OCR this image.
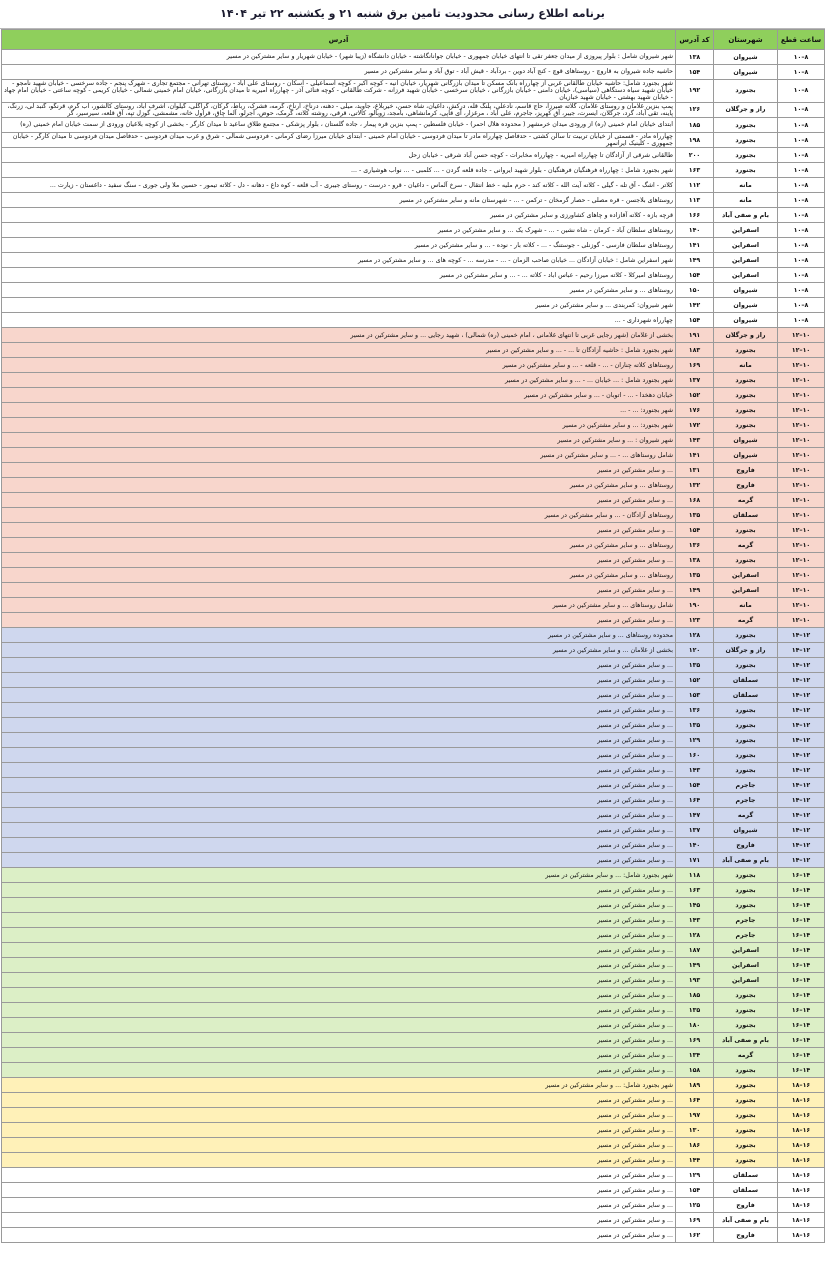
برنامه اطلاع رسانی محدودیت تامین برق شنبه ۲۱ و یکشنبه ۲۲ تیر ۱۴۰۴
ساعت قطع	شهرستان	کد آدرس	آدرس
۸–۱۰	شیروان	۱۳۸	شهر شیروان شامل : بلوار پیروزی از میدان جعفر تقی تا انتهای خیابان جمهوری - خیابان جوانانگاشته - خیابان دانشگاه (زیبا شهر) - خیابان شهریار و سایر مشترکین در مسیر
۸–۱۰	شیروان	۱۵۴	حاشیه جاده شیروان به قاروچ - روستاهای قوچ - کنج آباد دوین - بردآباد - قیش آباد - توق آباد و سایر مشترکین در مسیر
۸–۱۰	بجنورد	۱۹۲	شهر بجنورد شامل: حاشیه خیابان طالقانی غربی از چهارراه بانک مسکن تا میدان بازرگانی شهریار، خیابان آنیه - کوچه اکبر - کوچه اسماعیلی - اسکان - روستای علی آباد - روستای تهرانی - مجتمع تجاری - شهرک پنجم - جاده سرخسی - خیابان شهید نامجو - خیابان شهید سیاه دستگاهی (سیاسی)، خیابان دامنی - خیابان بازرگانی ، خیابان سرخسی - خیابان شهید فرزانه - شرکت طالقانی - کوچه فنائی آذر - چهارراه امیریه تا میدان بازرگانی، خیابان امام خمینی شمالی - خیابان کریمی - کوچه ساعتی - خیابان امام جهاد - خیابان شهید بهشتی - خیابان شهید خبازیان
۸–۱۰	راز و جرگلان	۱۲۶	پمپ بنزین غلامان و روستای غلامان، گلاته صیرزا، حاج قاسم، نادعلی، پلنگ قله، درکش، داغیان، شاه حسن، خیربلاغ، جاوید، میلی - دهنه، درناخ، ارناخ، گرمه، فشرک، رباط، گرکان، گراگلی، گیلوان، اشرف آباد، روستای کالشور، آب گرم، قرنگو، گنبد لی، زرنگ، پاینه، تقی آباد، گرد، جرگلان، ایسرت، جیبر، آق کهریز، جاجرم، علی آباد ، مرغزار، آی قاپی، کرمانشاهی، بامجد، زوبالو، کالاتی، قرقی، روشته کلاته، گرمک، حوض، آجرلو، آلما چاق، قراول خانه، مشمشی، گوزل تپه، آق قلعه، سیرسیر، گر
۸–۱۰	بجنورد	۱۸۵	ابتدای خیابان امام خمینی (ره) از ورودی میدان خرمشهر ( محدوده هلال احمر) - خیابان فلسطین - پمپ بنزین قره پیمار ، جاده گلستان ، بلوار پزشکی - مجتمع طلاق ساعید تا میدان کارگر - بخشی از کوچه بلاغیان ورودی از سمت خیابان امام خمینی (ره)
۸–۱۰	بجنورد	۱۹۸	چهارراه مادر - قسمتی از خیابان تربیت تا سالن کشتی - حدفاصل چهارراه مادر تا میدان فردوسی - خیابان امام خمینی - ابتدای خیابان میرزا رضای کرمانی - فردوسی شمالی - شرق و غرب میدان فردوسی - حدفاصل میدان فردوسی تا میدان کارگر - خیابان جمهوری - کلینیک ایرانمهر
۸–۱۰	بجنورد	۲۰۰	طالقانی شرقی از آزادگان تا چهارراه امیریه - چهارراه مخابرات - کوچه حسن آباد شرقی - خیابان زحل
۸–۱۰	بجنورد	۱۶۳	شهر بجنورد شامل : چهارراه فرهنگیان فرهنگیان - بلوار شهید ایروانی - جاده قلعه گردن - ... کلمبی - ... نواب هوشیاری - ...
۸–۱۰	مانه	۱۱۲	کلاتر - اشگ - آق تله - گیلی - کلاته آیت الله - کلاته کند - حرم ملیه - خط انتقال - سرخ آلماس - داغیان - قرو - درست - روستای جیبری - آب قلعه - کوه داغ - دهانه - دل - کلاته تیمور - حسین ملا ولی جوری - سنگ سفید - داغستان - زیارت ...
۸–۱۰	مانه	۱۱۳	روستاهای بلاجسن - قره مصلی - حصار گرمخان - ترکمن - ... - شهرستان مانه و سایر مشترکین در مسیر
۸–۱۰	بام و صفی آباد	۱۶۶	قرچه بازه - کلاته آقازاده و چاهای کشاورزی و سایر مشترکین در مسیر
۸–۱۰	اسفراین	۱۴۰	روستاهای سلطان آباد - کرمان - شاه نشین - ... - شهرک یک ... و سایر مشترکین در مسیر
۸–۱۰	اسفراین	۱۴۱	روستاهای سلطان فارسی - گوزنلی - جوستنگ - ... - کلاته بار - نوده - ... و سایر مشترکین در مسیر
۸–۱۰	اسفراین	۱۴۹	شهر اسفراین شامل : خیابان آزادگان ... خیابان صاحب الزمان - ... - مدرسه ... - کوچه های ... و سایر مشترکین در مسیر
۸–۱۰	اسفراین	۱۵۴	روستاهای امیرکلا - کلاته میرزا رحیم - عباس اباد - کلاته ... - ... و سایر مشترکین در مسیر
۸–۱۰	شیروان	۱۵۰	روستاهای ... و سایر مشترکین در مسیر
۸–۱۰	شیروان	۱۴۲	شهر شیروان: کمربندی ... و سایر مشترکین در مسیر
۸–۱۰	شیروان	۱۵۴	چهارراه شهرداری - ...
۱۰–۱۲	راز و جرگلان	۱۹۱	بخشی از غلامان (شهر رجایی غربی تا انتهای غلامانی ، امام خمینی (ره) شمالی) ، شهید رجایی ... و سایر مشترکین در مسیر
۱۰–۱۲	بجنورد	۱۸۳	شهر بجنورد شامل : حاشیه آزادگان تا ... - ... و سایر مشترکین در مسیر
۱۰–۱۲	مانه	۱۶۹	روستاهای کلاته چناران - ... - قلعه - ... و سایر مشترکین در مسیر
۱۰–۱۲	بجنورد	۱۳۷	شهر بجنورد شامل : ... خیابان ... - ... و سایر مشترکین در مسیر
۱۰–۱۲	بجنورد	۱۵۲	خیابان دهخدا - ... - اتوبان - ... و سایر مشترکین در مسیر
۱۰–۱۲	بجنورد	۱۷۶	شهر بجنورد: ... - ...
۱۰–۱۲	بجنورد	۱۷۲	شهر بجنورد: ... و سایر مشترکین در مسیر
۱۰–۱۲	شیروان	۱۴۳	شهر شیروان : ... و سایر مشترکین در مسیر
۱۰–۱۲	شیروان	۱۴۱	شامل روستاهای ... - ... و سایر مشترکین در مسیر
۱۰–۱۲	فاروج	۱۳۱	... و سایر مشترکین در مسیر
۱۰–۱۲	فاروج	۱۳۲	روستاهای ... و سایر مشترکین در مسیر
۱۰–۱۲	گرمه	۱۶۸	... و سایر مشترکین در مسیر
۱۰–۱۲	سملقان	۱۳۵	روستاهای آزادگان - ... و سایر مشترکین در مسیر
۱۰–۱۲	بجنورد	۱۵۴	... و سایر مشترکین در مسیر
۱۰–۱۲	گرمه	۱۳۶	روستاهای ... و سایر مشترکین در مسیر
۱۰–۱۲	بجنورد	۱۳۸	... و سایر مشترکین در مسیر
۱۰–۱۲	اسفراین	۱۳۵	روستاهای ... و سایر مشترکین در مسیر
۱۰–۱۲	اسفراین	۱۴۹	... و سایر مشترکین در مسیر
۱۰–۱۲	مانه	۱۹۰	شامل روستاهای ... و سایر مشترکین در مسیر
۱۰–۱۲	گرمه	۱۲۳	... و سایر مشترکین در مسیر
۱۲–۱۴	بجنورد	۱۲۸	محدوده روستاهای ... و سایر مشترکین در مسیر
۱۲–۱۴	راز و جرگلان	۱۲۰	بخشی از غلامان ... و سایر مشترکین در مسیر
۱۲–۱۴	بجنورد	۱۳۵	... و سایر مشترکین در مسیر
۱۲–۱۴	سملقان	۱۵۲	... و سایر مشترکین در مسیر
۱۲–۱۴	سملقان	۱۵۳	... و سایر مشترکین در مسیر
۱۲–۱۴	بجنورد	۱۳۶	... و سایر مشترکین در مسیر
۱۲–۱۴	بجنورد	۱۳۵	... و سایر مشترکین در مسیر
۱۲–۱۴	بجنورد	۱۲۹	... و سایر مشترکین در مسیر
۱۲–۱۴	بجنورد	۱۶۰	... و سایر مشترکین در مسیر
۱۲–۱۴	بجنورد	۱۴۳	... و سایر مشترکین در مسیر
۱۲–۱۴	جاجرم	۱۵۴	... و سایر مشترکین در مسیر
۱۲–۱۴	جاجرم	۱۶۴	... و سایر مشترکین در مسیر
۱۲–۱۴	گرمه	۱۴۷	... و سایر مشترکین در مسیر
۱۲–۱۴	شیروان	۱۳۷	... و سایر مشترکین در مسیر
۱۲–۱۴	فاروج	۱۴۰	... و سایر مشترکین در مسیر
۱۲–۱۴	بام و صفی آباد	۱۷۱	... و سایر مشترکین در مسیر
۱۴–۱۶	بجنورد	۱۱۸	شهر بجنورد شامل: ... و سایر مشترکین در مسیر
۱۴–۱۶	بجنورد	۱۶۳	... و سایر مشترکین در مسیر
۱۴–۱۶	بجنورد	۱۴۵	... و سایر مشترکین در مسیر
۱۴–۱۶	جاجرم	۱۴۳	... و سایر مشترکین در مسیر
۱۴–۱۶	جاجرم	۱۲۸	... و سایر مشترکین در مسیر
۱۴–۱۶	اسفراین	۱۸۷	... و سایر مشترکین در مسیر
۱۴–۱۶	اسفراین	۱۴۹	... و سایر مشترکین در مسیر
۱۴–۱۶	اسفراین	۱۹۳	... و سایر مشترکین در مسیر
۱۴–۱۶	بجنورد	۱۸۵	... و سایر مشترکین در مسیر
۱۴–۱۶	بجنورد	۱۳۵	... و سایر مشترکین در مسیر
۱۴–۱۶	بجنورد	۱۸۰	... و سایر مشترکین در مسیر
۱۴–۱۶	بام و صفی آباد	۱۶۹	... و سایر مشترکین در مسیر
۱۴–۱۶	گرمه	۱۳۴	... و سایر مشترکین در مسیر
۱۴–۱۶	بجنورد	۱۵۸	... و سایر مشترکین در مسیر
۱۶–۱۸	بجنورد	۱۸۹	شهر بجنورد شامل: ... و سایر مشترکین در مسیر
۱۶–۱۸	بجنورد	۱۶۴	... و سایر مشترکین در مسیر
۱۶–۱۸	بجنورد	۱۹۷	... و سایر مشترکین در مسیر
۱۶–۱۸	بجنورد	۱۳۰	... و سایر مشترکین در مسیر
۱۶–۱۸	بجنورد	۱۸۶	... و سایر مشترکین در مسیر
۱۶–۱۸	بجنورد	۱۴۴	... و سایر مشترکین در مسیر
۱۶–۱۸	سملقان	۱۲۹	... و سایر مشترکین در مسیر
۱۶–۱۸	سملقان	۱۵۴	... و سایر مشترکین در مسیر
۱۶–۱۸	فاروج	۱۲۵	... و سایر مشترکین در مسیر
۱۶–۱۸	بام و صفی آباد	۱۶۹	... و سایر مشترکین در مسیر
۱۶–۱۸	فاروج	۱۶۲	... و سایر مشترکین در مسیر
